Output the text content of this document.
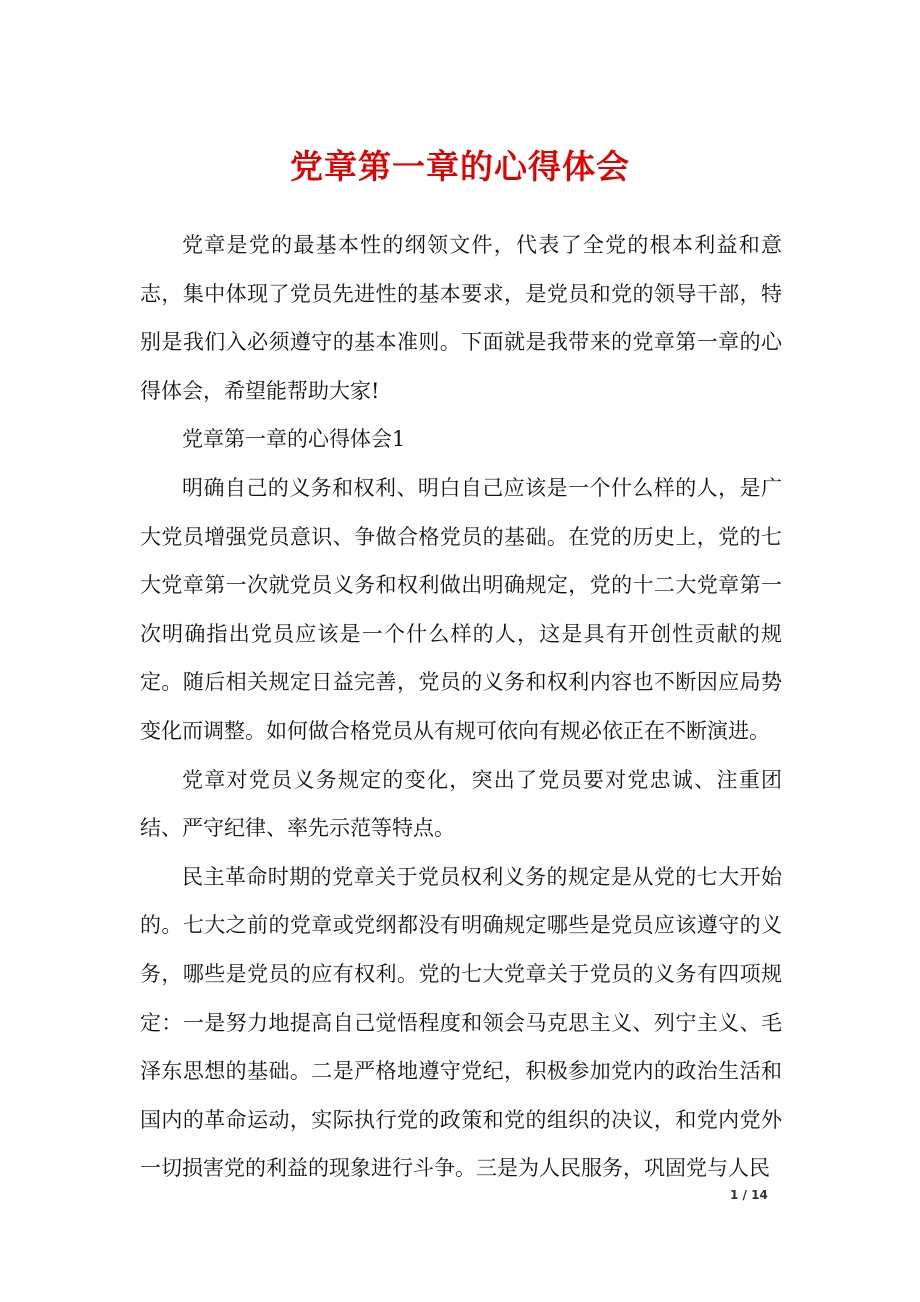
党章第一章的心得体会

党章是党的最基本性的纲领文件，代表了全党的根本利益和意志，集中体现了党员先进性的基本要求，是党员和党的领导干部，特别是我们入必须遵守的基本准则。下面就是我带来的党章第一章的心得体会，希望能帮助大家!

党章第一章的心得体会1

明确自己的义务和权利、明白自己应该是一个什么样的人，是广大党员增强党员意识、争做合格党员的基础。在党的历史上，党的七大党章第一次就党员义务和权利做出明确规定，党的十二大党章第一次明确指出党员应该是一个什么样的人，这是具有开创性贡献的规定。随后相关规定日益完善，党员的义务和权利内容也不断因应局势变化而调整。如何做合格党员从有规可依向有规必依正在不断演进。

党章对党员义务规定的变化，突出了党员要对党忠诚、注重团结、严守纪律、率先示范等特点。

民主革命时期的党章关于党员权利义务的规定是从党的七大开始的。七大之前的党章或党纲都没有明确规定哪些是党员应该遵守的义务，哪些是党员的应有权利。党的七大党章关于党员的义务有四项规定：一是努力地提高自己觉悟程度和领会马克思主义、列宁主义、毛泽东思想的基础。二是严格地遵守党纪，积极参加党内的政治生活和国内的革命运动，实际执行党的政策和党的组织的决议，和党内党外一切损害党的利益的现象进行斗争。三是为人民服务，巩固党与人民

1 / 14
